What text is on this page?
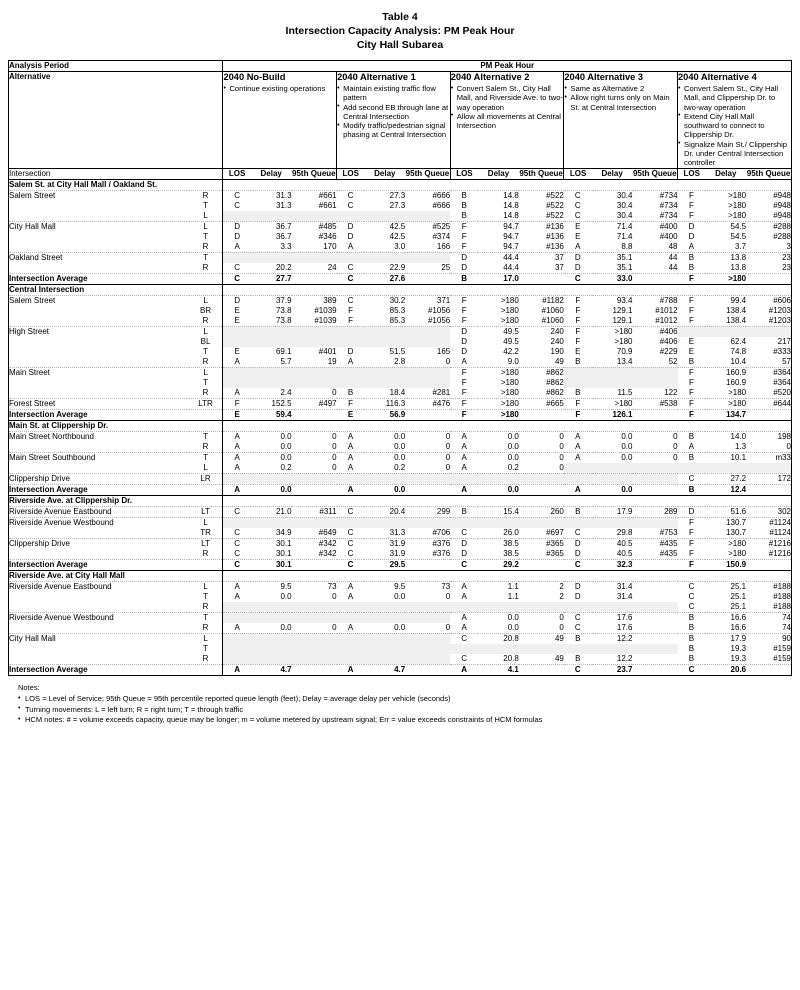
Table 4
Intersection Capacity Analysis: PM Peak Hour
City Hall Subarea
Analysis Period		PM Peak Hour														
Alternative	2040 No-Build
• Continue existing operations

2040 Alternative 1
• Maintain existing traffic flow pattern
• Add second EB through lane at Central Intersection
• Modify traffic/pedestrian signal phasing at Central Intersection

2040 Alternative 2
• Convert Salem St., City Hall Mall, and Riverside Ave. to two-way operation
• Allow all movements at Central Intersection

2040 Alternative 3
• Same as Alternative 2
• Allow right turns only on Main St. at Central Intersection

2040 Alternative 4
• Convert Salem St., City Hall Mall, and Clippership Dr. to two-way operation
• Extend City Hall Mall southward to connect to Clippership Dr.
• Signalize Main St./ Clippership Dr. under Central Intersection controller

Intersection		LOS	Delay	95th Queue	LOS	Delay	95th Queue	LOS	Delay	95th Queue	LOS	Delay	95th Queue	LOS	Delay	95th Queue
Salem St. at City Hall Mall / Oakland St.																
Salem Street	R	C	31.3	#661	C	27.3	#666	B	14.8	#522	C	30.4	#734	F	>180	#948
	T	C	31.3	#661	C	27.3	#666	B	14.8	#522	C	30.4	#734	F	>180	#948
	L							B	14.8	#522	C	30.4	#734	F	>180	#948
City Hall Mall	L	D	36.7	#485	D	42.5	#525	F	94.7	#136	E	71.4	#400	D	54.5	#288
	T	D	36.7	#346	D	42.5	#374	F	94.7	#136	E	71.4	#400	D	54.5	#288
	R	A	3.3	170	A	3.0	166	F	94.7	#136	A	8.8	48	A	3.7	3
Oakland Street	T							D	44.4	37	D	35.1	44	B	13.8	23
	R	C	20.2	24	C	22.9	25	D	44.4	37	D	35.1	44	B	13.8	23
Intersection Average		C	27.7		C	27.6		B	17.0		C	33.0		F	>180	
Central Intersection																
Salem Street	L	D	37.9	389	C	30.2	371	F	>180	#1182	F	93.4	#788	F	99.4	#606
	BR	E	73.8	#1039	F	85.3	#1056	F	>180	#1060	F	129.1	#1012	F	138.4	#1203
	R	E	73.8	#1039	F	85.3	#1056	F	>180	#1060	F	129.1	#1012	F	138.4	#1203
High Street	L							D	49.5	240	F	>180	#406			
	BL							D	49.5	240	F	>180	#406	E	62.4	217
	T	E	69.1	#401	D	51.5	165	D	42.2	190	E	70.9	#229	E	74.8	#333
	R	A	5.7	19	A	2.8	0	A	9.0	49	B	13.4	52	B	10.4	57
Main Street	L							F	>180	#862				F	160.9	#364
	T							F	>180	#862				F	160.9	#364
	R	A	2.4	0	B	18.4	#281	F	>180	#862	B	11.5	122	F	>180	#520
Forest Street	LTR	F	152.5	#497	F	116.3	#476	F	>180	#665	F	>180	#538	F	>180	#644
Intersection Average		E	59.4		E	56.9		F	>180		F	126.1		F	134.7	
Main St. at Clippership Dr.																
Main Street Northbound	T	A	0.0	0	A	0.0	0	A	0.0	0	A	0.0	0	B	14.0	198
	R	A	0.0	0	A	0.0	0	A	0.0	0	A	0.0	0	A	1.3	0
Main Street Southbound	T	A	0.0	0	A	0.0	0	A	0.0	0	A	0.0	0	B	10.1	m33
	L	A	0.2	0	A	0.2	0	A	0.2	0						
Clippership Drive	LR													C	27.2	172
Intersection Average		A	0.0		A	0.0		A	0.0		A	0.0		B	12.4	
Riverside Ave. at Clippership Dr.																
Riverside Avenue Eastbound	LT	C	21.0	#311	C	20.4	299	B	15.4	260	B	17.9	289	D	51.6	302
Riverside Avenue Westbound	L													F	130.7	#1124
	TR	C	34.9	#649	C	31.3	#706	C	26.0	#697	C	29.8	#753	F	130.7	#1124
Clippership Drive	LT	C	30.1	#342	C	31.9	#376	D	38.5	#365	D	40.5	#435	F	>180	#1216
	R	C	30.1	#342	C	31.9	#376	D	38.5	#365	D	40.5	#435	F	>180	#1216
Intersection Average		C	30.1		C	29.5		C	29.2		C	32.3		F	150.9	
Riverside Ave. at City Hall Mall																
Riverside Avenue Eastbound	L	A	9.5	73	A	9.5	73	A	1.1	2	D	31.4		C	25.1	#188
	T	A	0.0	0	A	0.0	0	A	1.1	2	D	31.4		C	25.1	#188
	R													C	25.1	#188
Riverside Avenue Westbound	T							A	0.0	0	C	17.6		B	16.6	74
	R	A	0.0	0	A	0.0	0	A	0.0	0	C	17.6		B	16.6	74
City Hall Mall	L							C	20.8	49	B	12.2		B	17.9	90
	T													B	19.3	#159
	R							C	20.8	49	B	12.2		B	19.3	#159
Intersection Average		A	4.7		A	4.7		A	4.1		C	23.7		C	20.6	
Notes:
• LOS = Level of Service; 95th Queue = 95th percentile reported queue length (feet); Delay = average delay per vehicle (seconds)
• Turning movements: L = left turn; R = right turn; T = through traffic
• HCM notes: # = volume exceeds capacity, queue may be longer; m = volume metered by upstream signal; Err = value exceeds constraints of HCM formulas
